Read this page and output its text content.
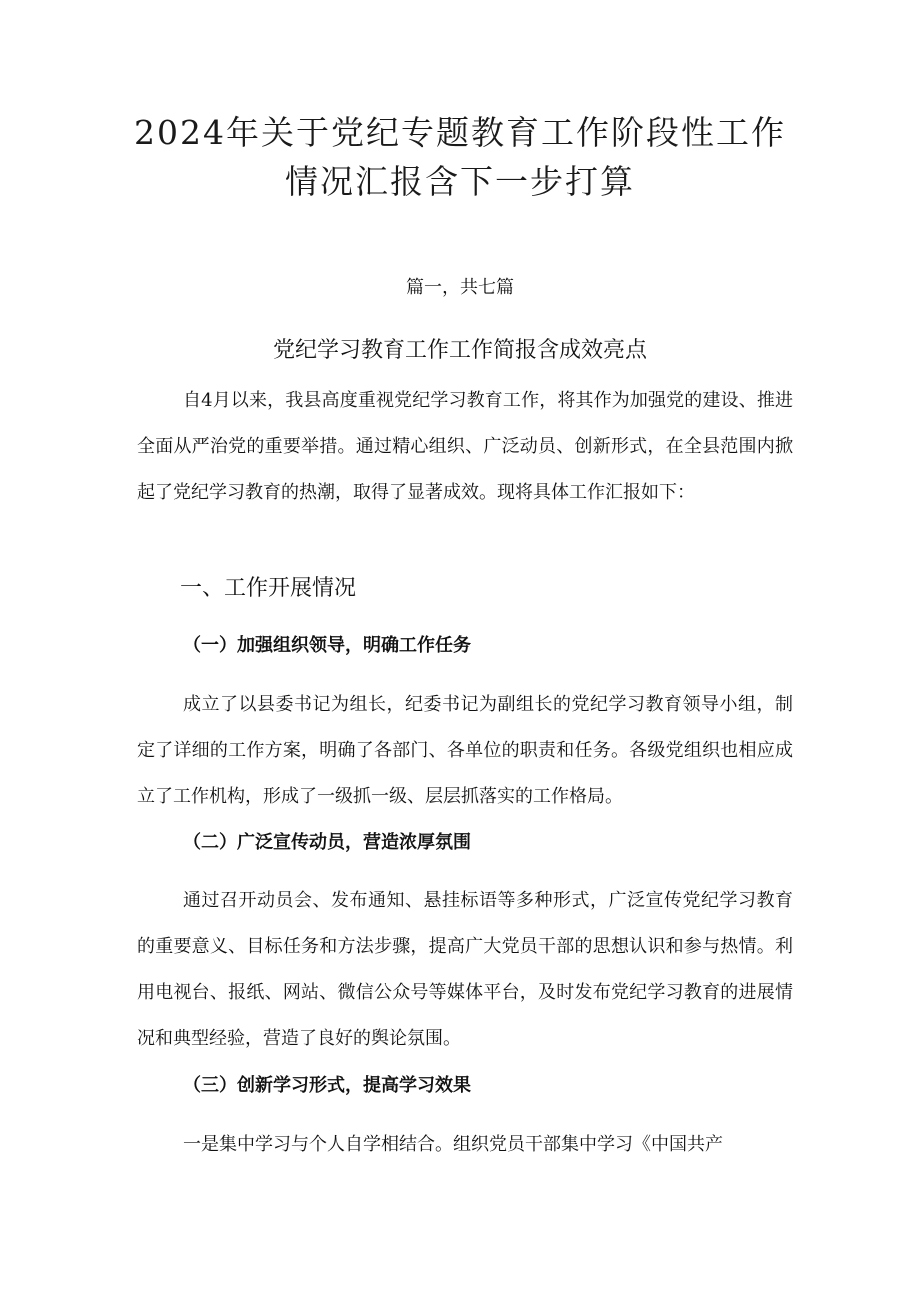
2024年关于党纪专题教育工作阶段性工作
情况汇报含下一步打算
篇一，共七篇
党纪学习教育工作工作简报含成效亮点

自4月以来，我县高度重视党纪学习教育工作，将其作为加强党的建设、推进全面从严治党的重要举措。通过精心组织、广泛动员、创新形式，在全县范围内掀起了党纪学习教育的热潮，取得了显著成效。现将具体工作汇报如下：

一、工作开展情况
（一）加强组织领导，明确工作任务

成立了以县委书记为组长，纪委书记为副组长的党纪学习教育领导小组，制定了详细的工作方案，明确了各部门、各单位的职责和任务。各级党组织也相应成立了工作机构，形成了一级抓一级、层层抓落实的工作格局。

（二）广泛宣传动员，营造浓厚氛围

通过召开动员会、发布通知、悬挂标语等多种形式，广泛宣传党纪学习教育的重要意义、目标任务和方法步骤，提高广大党员干部的思想认识和参与热情。利用电视台、报纸、网站、微信公众号等媒体平台，及时发布党纪学习教育的进展情况和典型经验，营造了良好的舆论氛围。

（三）创新学习形式，提高学习效果

一是集中学习与个人自学相结合。组织党员干部集中学习《中国共产
